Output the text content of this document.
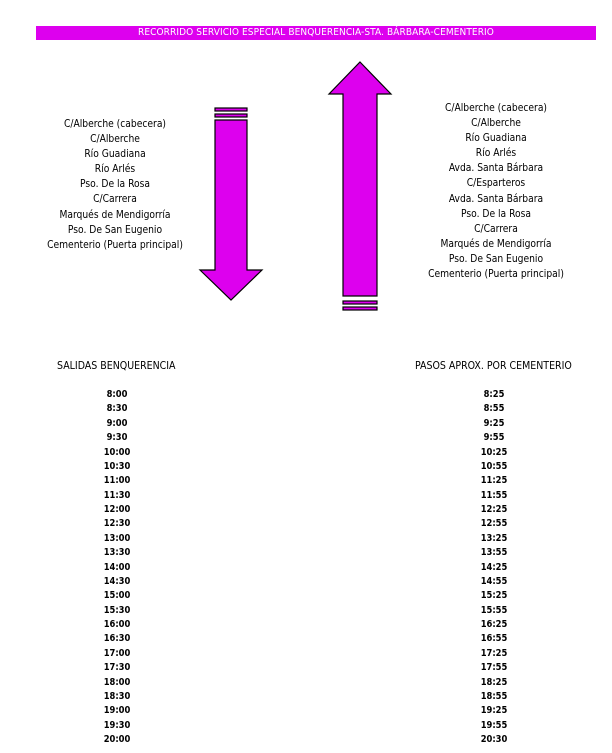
RECORRIDO SERVICIO ESPECIAL BENQUERENCIA-STA. BÁRBARA-CEMENTERIO
C/Alberche (cabecera)
C/Alberche
Río Guadiana
Río Arlés
Pso. De la Rosa
C/Carrera
Marqués de Mendigorría
Pso. De San Eugenio
Cementerio (Puerta principal)
C/Alberche (cabecera)
C/Alberche
Río Guadiana
Río Arlés
Avda. Santa Bárbara
C/Esparteros
Avda. Santa Bárbara
Pso. De la Rosa
C/Carrera
Marqués de Mendigorría
Pso. De San Eugenio
Cementerio (Puerta principal)
SALIDAS BENQUERENCIA	PASOS APROX. POR CEMENTERIO
8:00
8:30
9:00
9:30
10:00
10:30
11:00
11:30
12:00
12:30
13:00
13:30
14:00
14:30
15:00
15:30
16:00
16:30
17:00
17:30
18:00
18:30
19:00
19:30
20:00
8:25
8:55
9:25
9:55
10:25
10:55
11:25
11:55
12:25
12:55
13:25
13:55
14:25
14:55
15:25
15:55
16:25
16:55
17:25
17:55
18:25
18:55
19:25
19:55
20:30
